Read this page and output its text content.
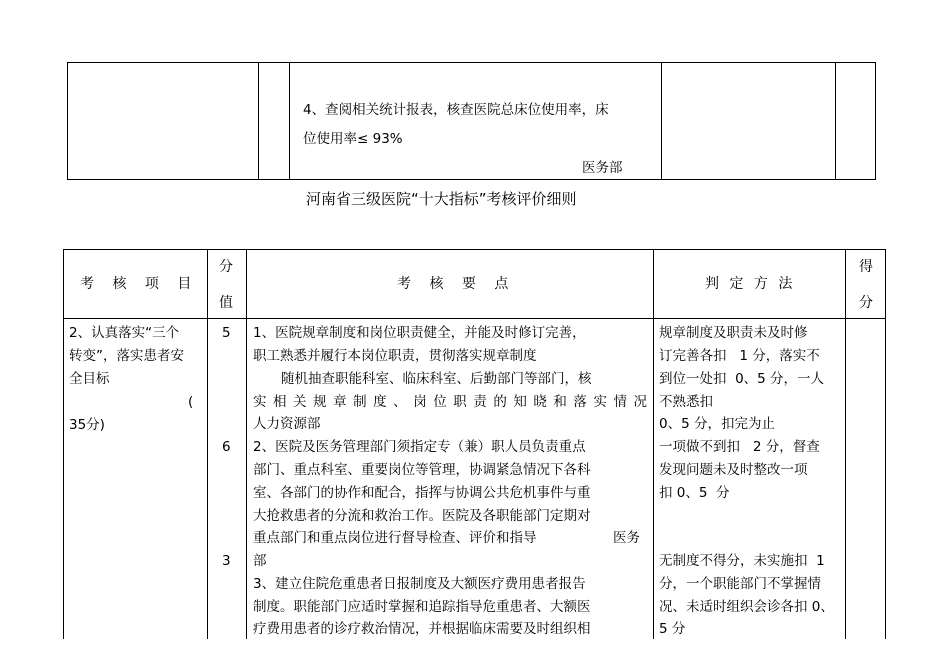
4、查阅相关统计报表，核查医院总床位使用率，床
位使用率≤ 93%
医务部
河南省三级医院“十大指标”考核评价细则
考 核 项 目
分
值
考 核 要 点	判 定 方 法
得
分
2、认真落实“三个
转变”，落实患者安
全目标
(
35分)
5
6
3
1、医院规章制度和岗位职责健全，并能及时修订完善，
职工熟悉并履行本岗位职责，贯彻落实规章制度
随机抽查职能科室、临床科室、后勤部门等部门，核
实相关规章制度、岗位职责的知晓和落实情况
人力资源部
2、医院及医务管理部门须指定专（兼）职人员负责重点
部门、重点科室、重要岗位等管理，协调紧急情况下各科
室、各部门的协作和配合，指挥与协调公共危机事件与重
大抢救患者的分流和救治工作。医院及各职能部门定期对
重点部门和重点岗位进行督导检查、评价和指导	医务
部
3、建立住院危重患者日报制度及大额医疗费用患者报告
制度。职能部门应适时掌握和追踪指导危重患者、大额医
疗费用患者的诊疗救治情况，并根据临床需要及时组织相
规章制度及职责未及时修
订完善各扣   1 分，落实不
到位一处扣  0、5 分，一人
不熟悉扣
0、5 分，扣完为止
一项做不到扣   2 分，督查
发现问题未及时整改一项
扣 0、5  分
无制度不得分，未实施扣  1
分，一个职能部门不掌握情
况、未适时组织会诊各扣 0、
5 分
